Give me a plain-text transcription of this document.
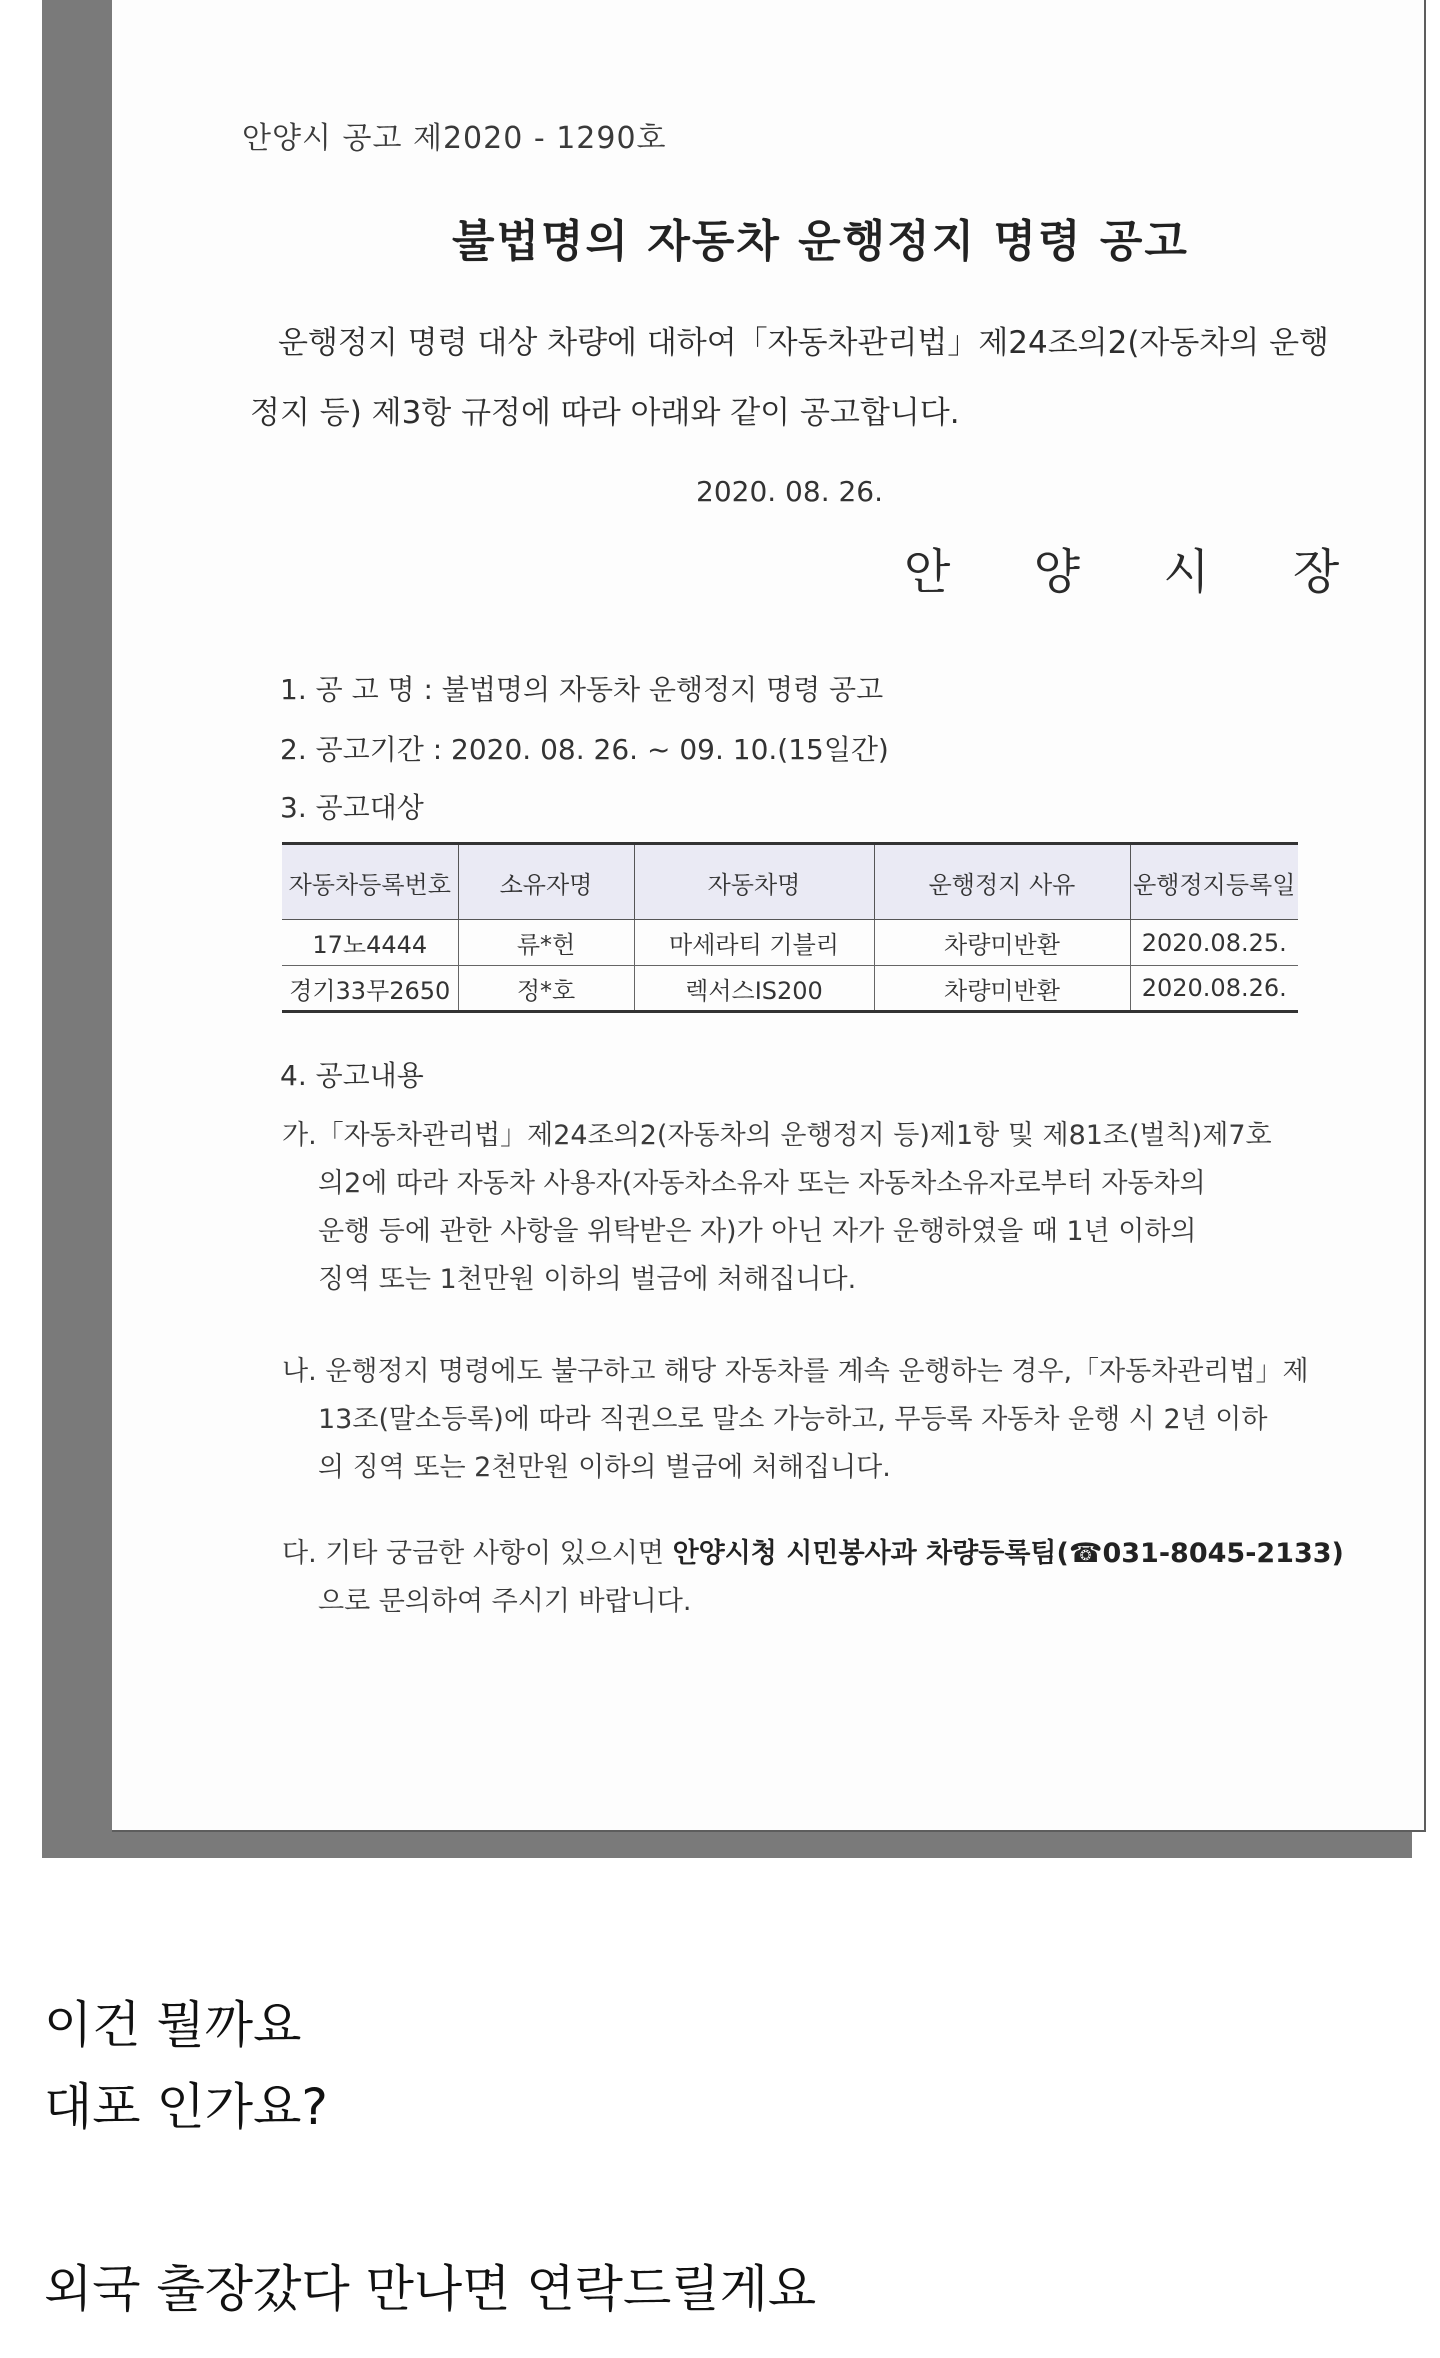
안양시 공고 제2020 - 1290호
불법명의 자동차 운행정지 명령 공고
운행정지 명령 대상 차량에 대하여「자동차관리법」제24조의2(자동차의 운행
정지 등) 제3항 규정에 따라 아래와 같이 공고합니다.
2020. 08. 26.
안 양 시 장
1. 공 고 명 : 불법명의 자동차 운행정지 명령 공고
2. 공고기간 : 2020. 08. 26. ~ 09. 10.(15일간)
3. 공고대상
자동차등록번호	소유자명	자동차명	운행정지 사유	운행정지등록일
17노4444	류*헌	마세라티 기블리	차량미반환	2020.08.25.
경기33무2650	정*호	렉서스IS200	차량미반환	2020.08.26.
4. 공고내용
가.「자동차관리법」제24조의2(자동차의 운행정지 등)제1항 및 제81조(벌칙)제7호
의2에 따라 자동차 사용자(자동차소유자 또는 자동차소유자로부터 자동차의
운행 등에 관한 사항을 위탁받은 자)가 아닌 자가 운행하였을 때 1년 이하의
징역 또는 1천만원 이하의 벌금에 처해집니다.
나. 운행정지 명령에도 불구하고 해당 자동차를 계속 운행하는 경우,「자동차관리법」제
13조(말소등록)에 따라 직권으로 말소 가능하고, 무등록 자동차 운행 시 2년 이하
의 징역 또는 2천만원 이하의 벌금에 처해집니다.
다. 기타 궁금한 사항이 있으시면 안양시청 시민봉사과 차량등록팀(☎031-8045-2133)
으로 문의하여 주시기 바랍니다.
이건 뭘까요
대포 인가요?
외국 출장갔다 만나면 연락드릴게요
